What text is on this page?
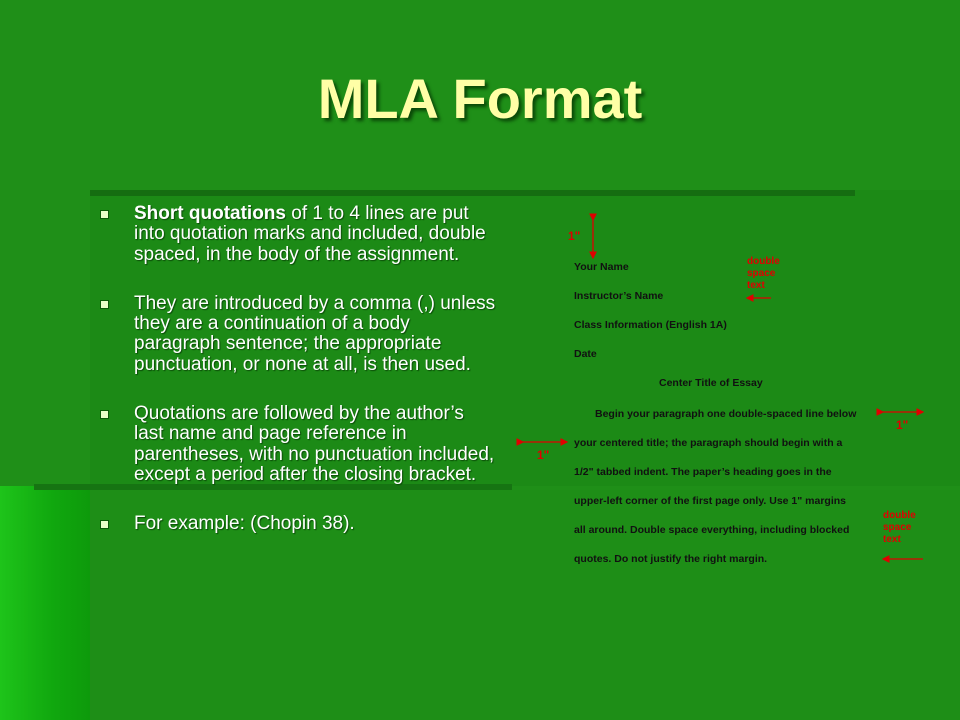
MLA Format
Short quotations of 1 to 4 lines are put into quotation marks and included, double spaced, in the body of the assignment.
They are introduced by a comma (,) unless they are a continuation of a body paragraph sentence; the appropriate punctuation, or none at all, is then used.
Quotations are followed by the author’s last name and page reference in parentheses, with no punctuation included, except a period after the closing bracket.
For example: (Chopin 38).
1"
1"
1"
double space text
double space text
Your Name
Instructor’s Name
Class Information (English 1A)
Date
Center Title of Essay
Begin your paragraph one double-spaced line below
your centered title; the paragraph should begin with a
1/2" tabbed indent. The paper’s heading goes in the
upper-left corner of the first page only. Use 1" margins
all around. Double space everything, including blocked
quotes. Do not justify the right margin.
